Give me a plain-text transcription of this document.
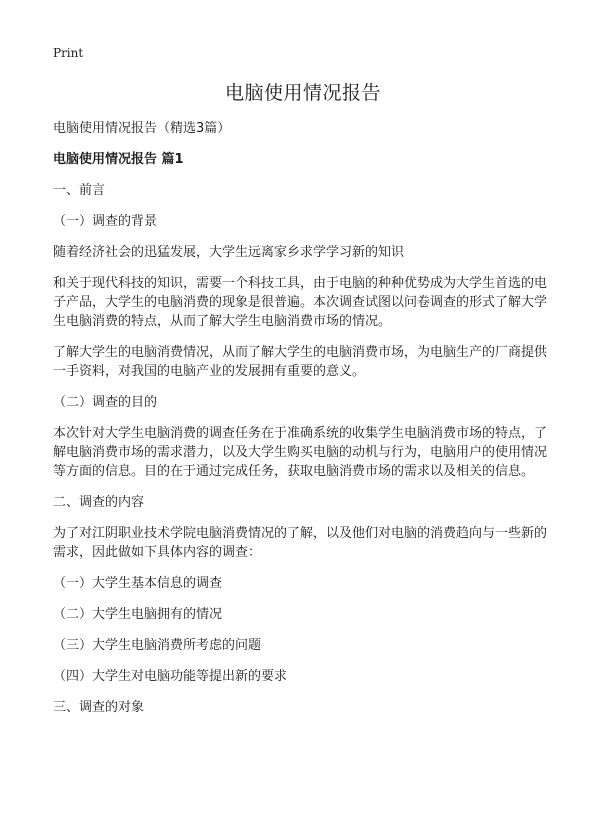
Print
电脑使用情况报告

电脑使用情况报告（精选3篇）

电脑使用情况报告 篇1

一、前言

（一）调查的背景

随着经济社会的迅猛发展，大学生远离家乡求学学习新的知识

和关于现代科技的知识，需要一个科技工具，由于电脑的种种优势成为大学生首选的电子产品，大学生的电脑消费的现象是很普遍。本次调查试图以问卷调查的形式了解大学生电脑消费的特点，从而了解大学生电脑消费市场的情况。

了解大学生的电脑消费情况，从而了解大学生的电脑消费市场，为电脑生产的厂商提供一手资料，对我国的电脑产业的发展拥有重要的意义。

（二）调查的目的

本次针对大学生电脑消费的调查任务在于准确系统的收集学生电脑消费市场的特点，了解电脑消费市场的需求潜力，以及大学生购买电脑的动机与行为，电脑用户的使用情况等方面的信息。目的在于通过完成任务，获取电脑消费市场的需求以及相关的信息。

二、调查的内容

为了对江阴职业技术学院电脑消费情况的了解，以及他们对电脑的消费趋向与一些新的需求，因此做如下具体内容的调查：

（一）大学生基本信息的调查

（二）大学生电脑拥有的情况

（三）大学生电脑消费所考虑的问题

（四）大学生对电脑功能等提出新的要求

三、调查的对象
